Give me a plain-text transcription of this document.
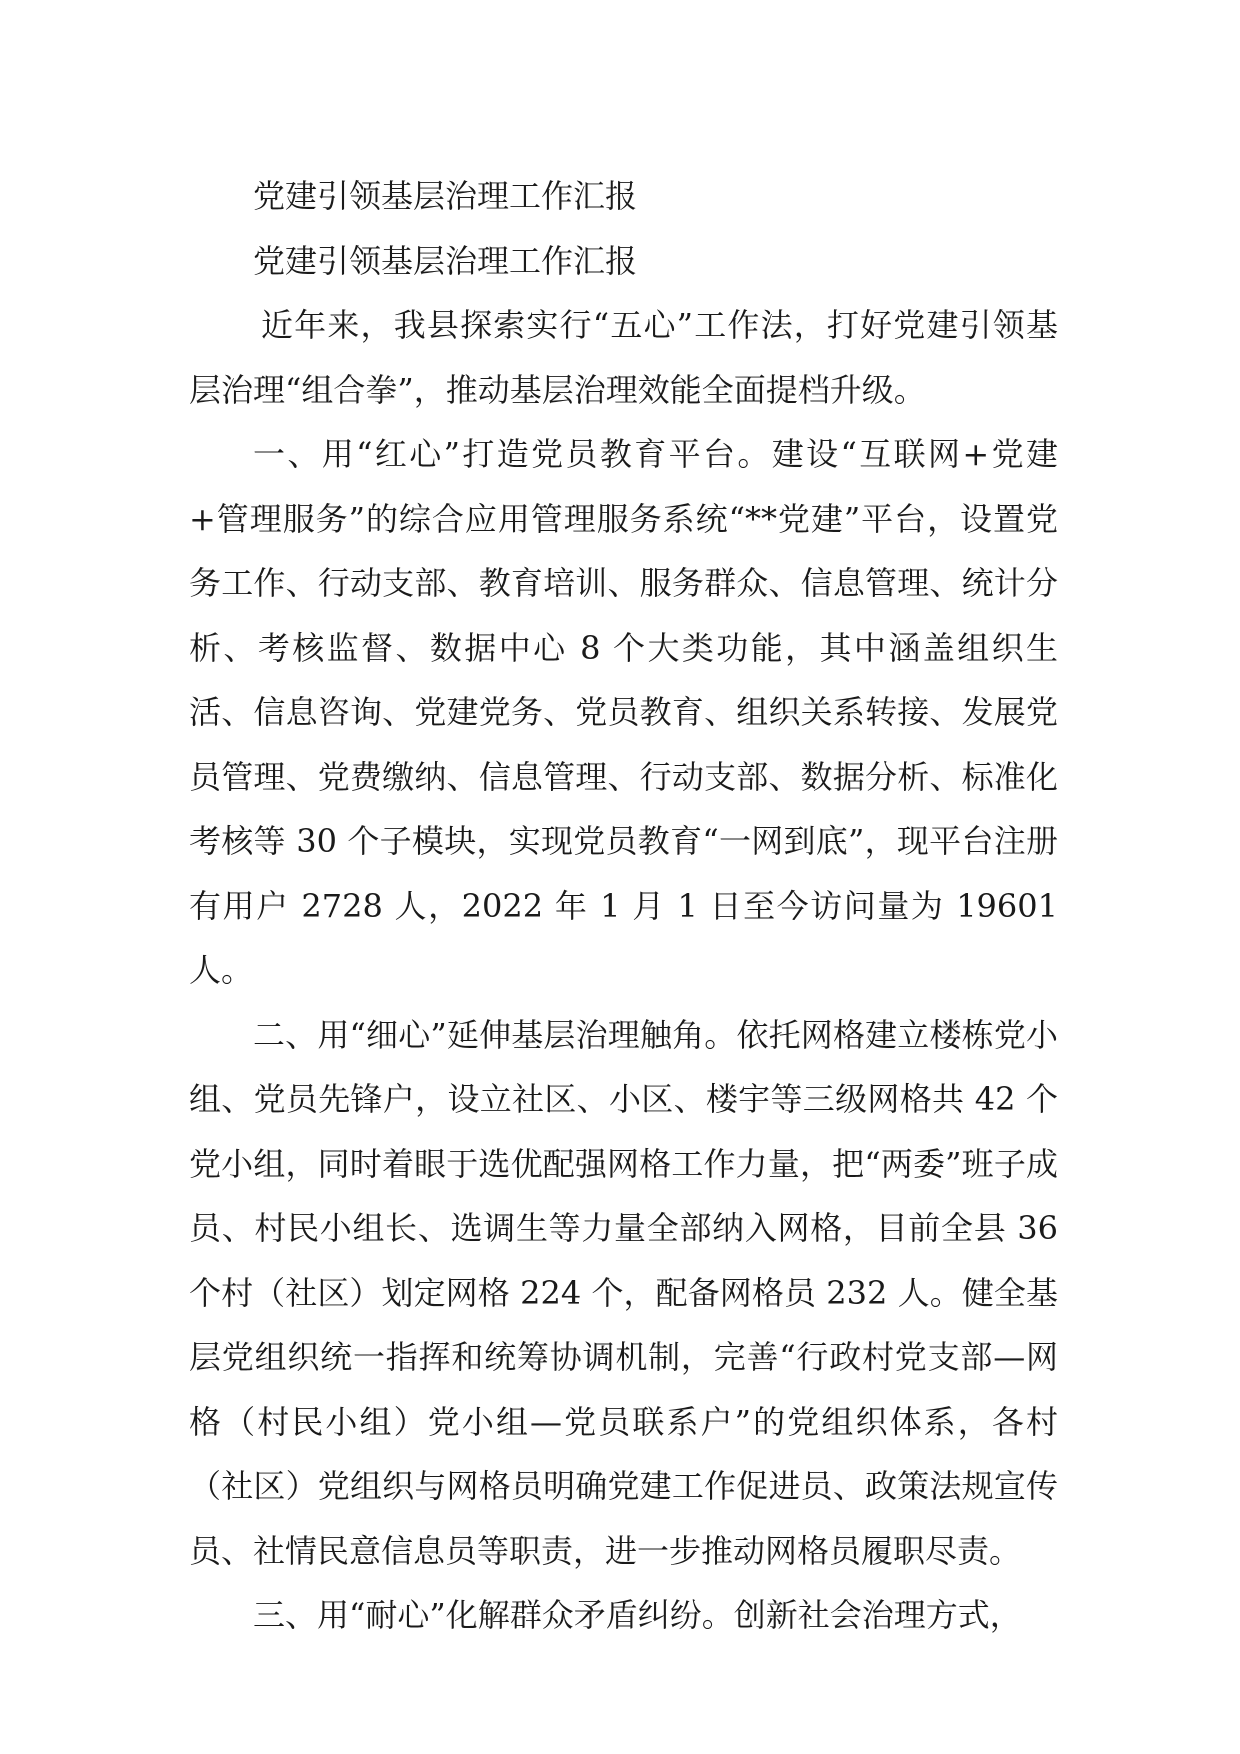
党建引领基层治理工作汇报

党建引领基层治理工作汇报

近年来，我县探索实行“五心”工作法，打好党建引领基层治理“组合拳”，推动基层治理效能全面提档升级。

一、用“红心”打造党员教育平台。建设“互联网+党建+管理服务”的综合应用管理服务系统“**党建”平台，设置党务工作、行动支部、教育培训、服务群众、信息管理、统计分析、考核监督、数据中心 8 个大类功能，其中涵盖组织生活、信息咨询、党建党务、党员教育、组织关系转接、发展党员管理、党费缴纳、信息管理、行动支部、数据分析、标准化考核等 30 个子模块，实现党员教育“一网到底”，现平台注册有用户 2728 人，2022 年 1 月 1 日至今访问量为 19601 人。

二、用“细心”延伸基层治理触角。依托网格建立楼栋党小组、党员先锋户，设立社区、小区、楼宇等三级网格共 42 个党小组，同时着眼于选优配强网格工作力量，把“两委”班子成员、村民小组长、选调生等力量全部纳入网格，目前全县 36 个村（社区）划定网格 224 个，配备网格员 232 人。健全基层党组织统一指挥和统筹协调机制，完善“行政村党支部—网格（村民小组）党小组—党员联系户”的党组织体系，各村（社区）党组织与网格员明确党建工作促进员、政策法规宣传员、社情民意信息员等职责，进一步推动网格员履职尽责。

三、用“耐心”化解群众矛盾纠纷。创新社会治理方式，
